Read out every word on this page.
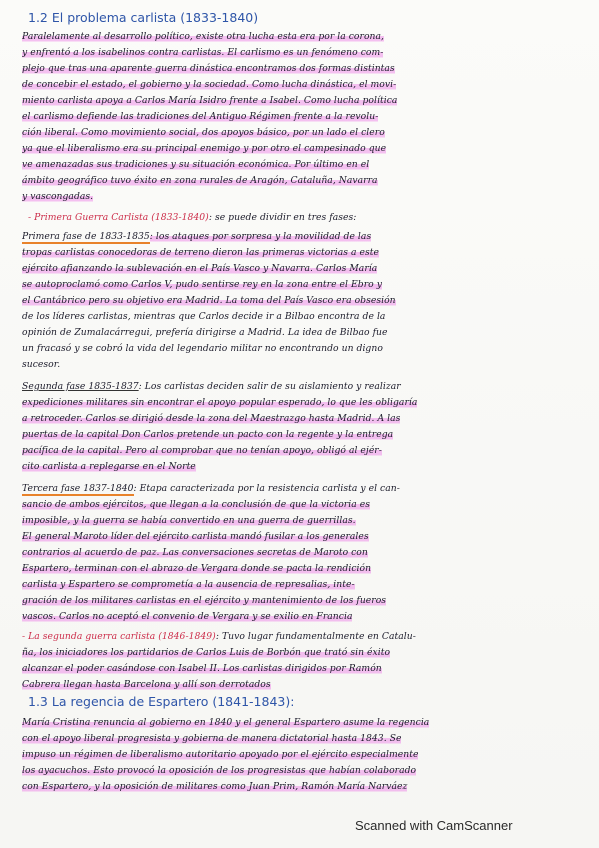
1.2 El problema carlista (1833-1840)
Paralelamente al desarrollo político, existe otra lucha esta era por la corona,
y enfrentó a los isabelinos contra carlistas. El carlismo es un fenómeno com-
plejo que tras una aparente guerra dinástica encontramos dos formas distintas
de concebir el estado, el gobierno y la sociedad. Como lucha dinástica, el movi-
miento carlista apoya a Carlos María Isidro frente a Isabel. Como lucha política
el carlismo defiende las tradiciones del Antiguo Régimen frente a la revolu-
ción liberal. Como movimiento social, dos apoyos básico, por un lado el clero
ya que el liberalismo era su principal enemigo y por otro el campesinado que
ve amenazadas sus tradiciones y su situación económica. Por último en el
ámbito geográfico tuvo éxito en zona rurales de Aragón, Cataluña, Navarra
y vascongadas.
- Primera Guerra Carlista (1833-1840): se puede dividir en tres fases:
Primera fase de 1833-1835: los ataques por sorpresa y la movilidad de las
tropas carlistas conocedoras de terreno dieron las primeras victorias a este
ejército afianzando la sublevación en el País Vasco y Navarra. Carlos María
se autoproclamó como Carlos V, pudo sentirse rey en la zona entre el Ebro y
el Cantábrico pero su objetivo era Madrid. La toma del País Vasco era obsesión
de los líderes carlistas, mientras que Carlos decide ir a Bilbao encontra de la
opinión de Zumalacárregui, prefería dirigirse a Madrid. La idea de Bilbao fue
un fracasó y se cobró la vida del legendario militar no encontrando un digno
sucesor.
Segunda fase 1835-1837: Los carlistas deciden salir de su aislamiento y realizar
expediciones militares sin encontrar el apoyo popular esperado, lo que les obligaría
a retroceder. Carlos se dirigió desde la zona del Maestrazgo hasta Madrid. A las
puertas de la capital Don Carlos pretende un pacto con la regente y la entrega
pacífica de la capital. Pero al comprobar que no tenían apoyo, obligó al ejér-
cito carlista a replegarse en el Norte
Tercera fase 1837-1840: Etapa caracterizada por la resistencia carlista y el can-
sancio de ambos ejércitos, que llegan a la conclusión de que la victoria es
imposible, y la guerra se había convertido en una guerra de guerrillas.
El general Maroto líder del ejército carlista mandó fusilar a los generales
contrarios al acuerdo de paz. Las conversaciones secretas de Maroto con
Espartero, terminan con el abrazo de Vergara donde se pacta la rendición
carlista y Espartero se comprometía a la ausencia de represalias, inte-
gración de los militares carlistas en el ejército y mantenimiento de los fueros
vascos. Carlos no aceptó el convenio de Vergara y se exilio en Francia
- La segunda guerra carlista (1846-1849): Tuvo lugar fundamentalmente en Catalu-
ña, los iniciadores los partidarios de Carlos Luis de Borbón que trató sin éxito
alcanzar el poder casándose con Isabel II. Los carlistas dirigidos por Ramón
Cabrera llegan hasta Barcelona y allí son derrotados
1.3 La regencia de Espartero (1841-1843):
María Cristina renuncia al gobierno en 1840 y el general Espartero asume la regencia
con el apoyo liberal progresista y gobierna de manera dictatorial hasta 1843. Se
impuso un régimen de liberalismo autoritario apoyado por el ejército especialmente
los ayacuchos. Esto provocó la oposición de los progresistas que habían colaborado
con Espartero, y la oposición de militares como Juan Prim, Ramón María Narváez
Scanned with CamScanner
